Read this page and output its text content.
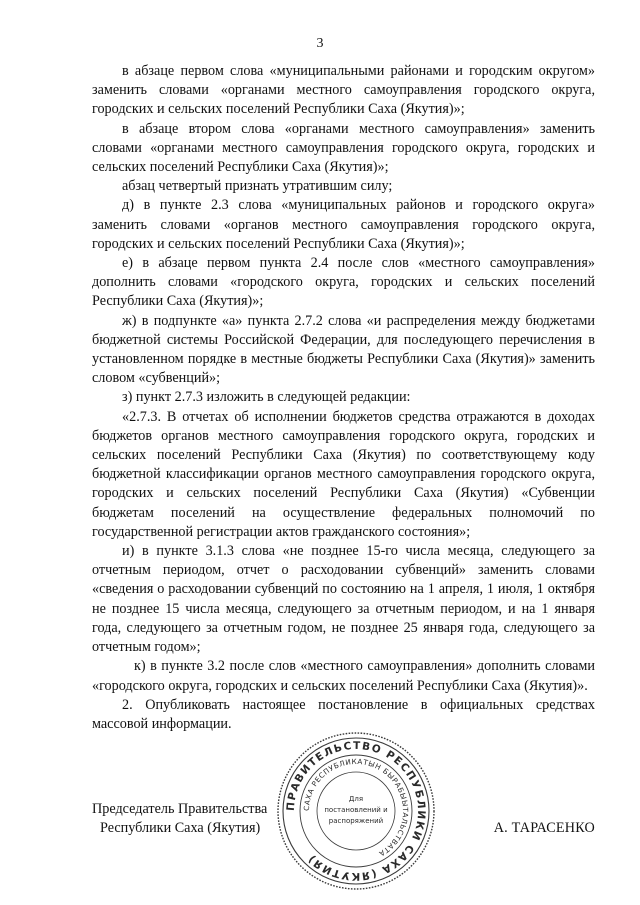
3

в абзаце первом слова «муниципальными районами и городским округом» заменить словами «органами местного самоуправления городского округа, городских и сельских поселений Республики Саха (Якутия)»;

в абзаце втором слова «органами местного самоуправления» заменить словами «органами местного самоуправления городского округа, городских и сельских поселений Республики Саха (Якутия)»;

абзац четвертый признать утратившим силу;

д) в пункте 2.3 слова «муниципальных районов и городского округа» заменить словами «органов местного самоуправления городского округа, городских и сельских поселений Республики Саха (Якутия)»;

е) в абзаце первом пункта 2.4 после слов «местного самоуправления» дополнить словами «городского округа, городских и сельских поселений Республики Саха (Якутия)»;

ж) в подпункте «а» пункта 2.7.2 слова «и распределения между бюджетами бюджетной системы Российской Федерации, для последующего перечисления в установленном порядке в местные бюджеты Республики Саха (Якутия)» заменить словом «субвенций»;

з) пункт 2.7.3 изложить в следующей редакции:

«2.7.3. В отчетах об исполнении бюджетов средства отражаются в доходах бюджетов органов местного самоуправления городского округа, городских и сельских поселений Республики Саха (Якутия) по соответствующему коду бюджетной классификации органов местного самоуправления городского округа, городских и сельских поселений Республики Саха (Якутия) «Субвенции бюджетам поселений на осуществление федеральных полномочий по государственной регистрации актов гражданского состояния»;

и) в пункте 3.1.3 слова «не позднее 15-го числа месяца, следующего за отчетным периодом, отчет о расходовании субвенций» заменить словами «сведения о расходовании субвенций по состоянию на 1 апреля, 1 июля, 1 октября не позднее 15 числа месяца, следующего за отчетным периодом, и на 1 января года, следующего за отчетным годом, не позднее 25 января года, следующего за отчетным годом»;

к) в пункте 3.2 после слов «местного самоуправления» дополнить словами «городского округа, городских и сельских поселений Республики Саха (Якутия)».

2. Опубликовать настоящее постановление в официальных средствах массовой информации.

Председатель Правительства
Республики Саха (Якутия)	А. ТАРАСЕНКО
ПРАВИТЕЛЬСТВО РЕСПУБЛИКИ САХА (ЯКУТИЯ)
САХА РЕСПУБЛИКАТЫН БЫРАБЫЫТАЛЬСТВАТА
Для
постановлений и
распоряжений
